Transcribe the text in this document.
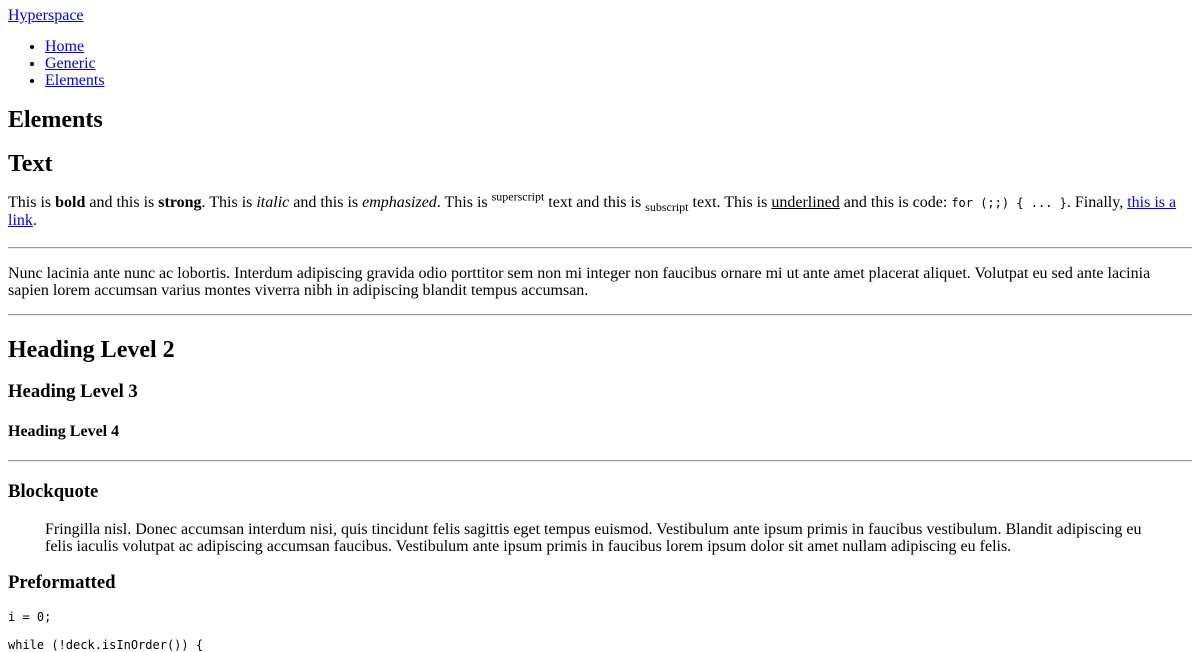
Hyperspace
• Home
• Generic
• Elements
Elements
Text

This is bold and this is strong. This is italic and this is emphasized. This is $^{superscript}$ text and this is $_{subscript}$ text. This is underlined and this is code: for (;;) { ... }. Finally, this is a link.

Nunc lacinia ante nunc ac lobortis. Interdum adipiscing gravida odio porttitor sem non mi integer non faucibus ornare mi ut ante amet placerat aliquet. Volutpat eu sed ante lacinia sapien lorem accumsan varius montes viverra nibh in adipiscing blandit tempus accumsan.

Heading Level 2
Heading Level 3
Heading Level 4
Blockquote
Fringilla nisl. Donec accumsan interdum nisi, quis tincidunt felis sagittis eget tempus euismod. Vestibulum ante ipsum primis in faucibus vestibulum. Blandit adipiscing eu felis iaculis volutpat ac adipiscing accumsan faucibus. Vestibulum ante ipsum primis in faucibus lorem ipsum dolor sit amet nullam adipiscing eu felis.
Preformatted
i = 0;

while (!deck.isInOrder()) {
